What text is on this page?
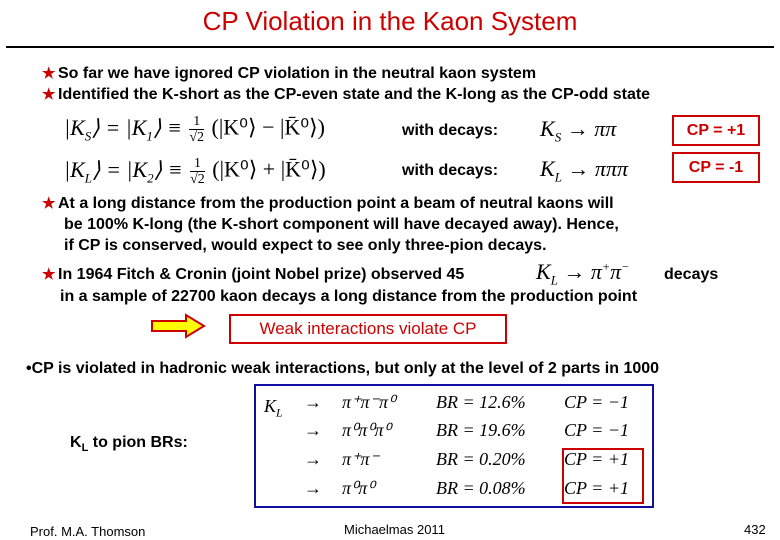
CP Violation in the Kaon System
★ So far we have ignored CP violation in the neutral kaon system
★ Identified the K-short as the CP-even state and the K-long as the CP-odd state
$|K_S⟩$ = $|K_1⟩ \equiv \frac{1}{√2}$ (|K⁰⟩ − |K̄⁰⟩)	with decays: $K_S \to \pi\pi$	CP = +1
$|K_L⟩$ = $|K_2⟩ \equiv \frac{1}{√2}$ (|K⁰⟩ + |K̄⁰⟩)	with decays: $K_L \to \pi\pi\pi$	CP = -1
★ At a long distance from the production point a beam of neutral kaons will
be 100% K-long (the K-short component will have decayed away). Hence,
if CP is conserved, would expect to see only three-pion decays.
★ In 1964 Fitch & Cronin (joint Nobel prize) observed 45	$K_L \to \pi^+\pi^-$ decays
in a sample of 22700 kaon decays a long distance from the production point
Weak interactions violate CP
•CP is violated in hadronic weak interactions, but only at the level of 2 parts in 1000
$K_L$ to pion BRs:
$K_L$
→ π⁺π⁻π⁰ BR = 12.6% CP = −1
→ π⁰π⁰π⁰	BR = 19.6% CP = −1
→ π⁺π⁻	BR = 0.20% CP = +1
→ π⁰π⁰	BR = 0.08% CP = +1
Prof. M.A. Thomson	Michaelmas 2011	432
